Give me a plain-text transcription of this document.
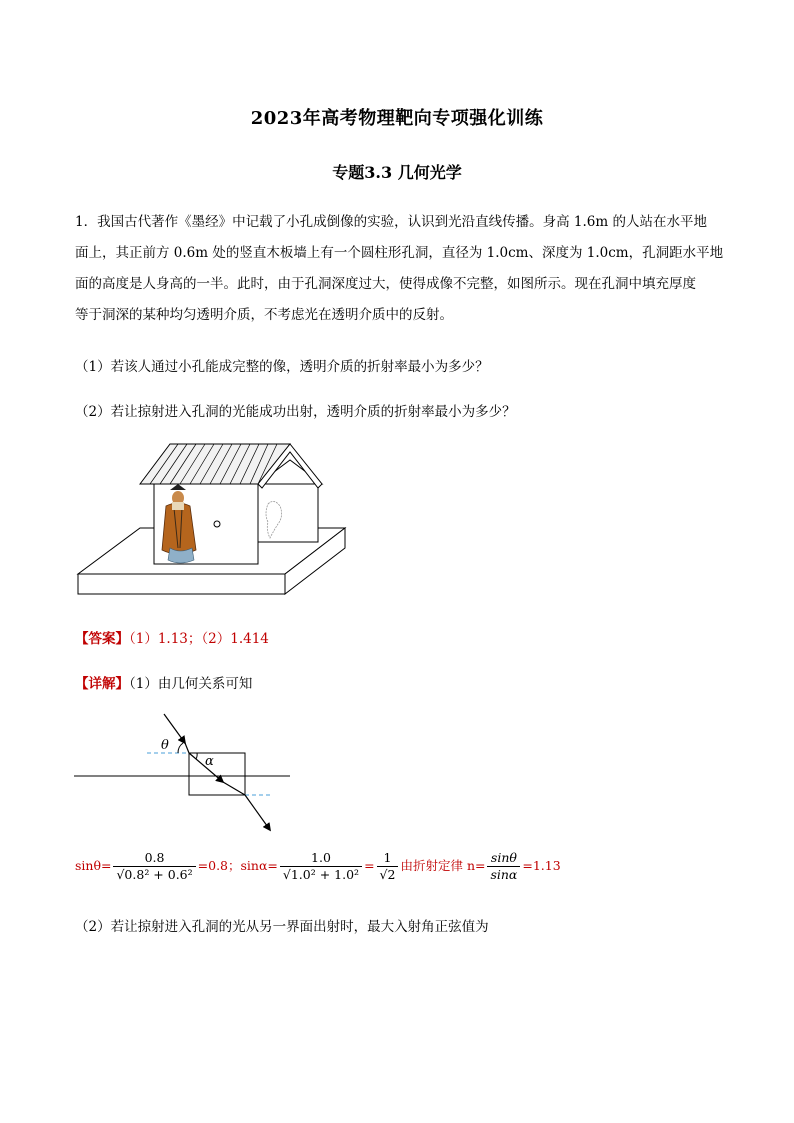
2023年高考物理靶向专项强化训练
专题3.3 几何光学
1．我国古代著作《墨经》中记载了小孔成倒像的实验，认识到光沿直线传播。身高 1.6m 的人站在水平地
面上，其正前方 0.6m 处的竖直木板墙上有一个圆柱形孔洞，直径为 1.0cm、深度为 1.0cm，孔洞距水平地
面的高度是人身高的一半。此时，由于孔洞深度过大，使得成像不完整，如图所示。现在孔洞中填充厚度
等于洞深的某种均匀透明介质，不考虑光在透明介质中的反射。
（1）若该人通过小孔能成完整的像，透明介质的折射率最小为多少？
（2）若让掠射进入孔洞的光能成功出射，透明介质的折射率最小为多少？
【答案】（1）1.13；（2）1.414
【详解】（1）由几何关系可知
θ
α
$\sin\theta= \frac{0.8}{\text{√0.8² + 0.6²}} =0.8$；$\sin\alpha= \frac{1.0}{\text{√1.0² + 1.0²}} = \frac{1}{√2}$ 由折射定律 $n= \frac{\sin\theta}{\sin\alpha} =1.13$
（2）若让掠射进入孔洞的光从另一界面出射时，最大入射角正弦值为
